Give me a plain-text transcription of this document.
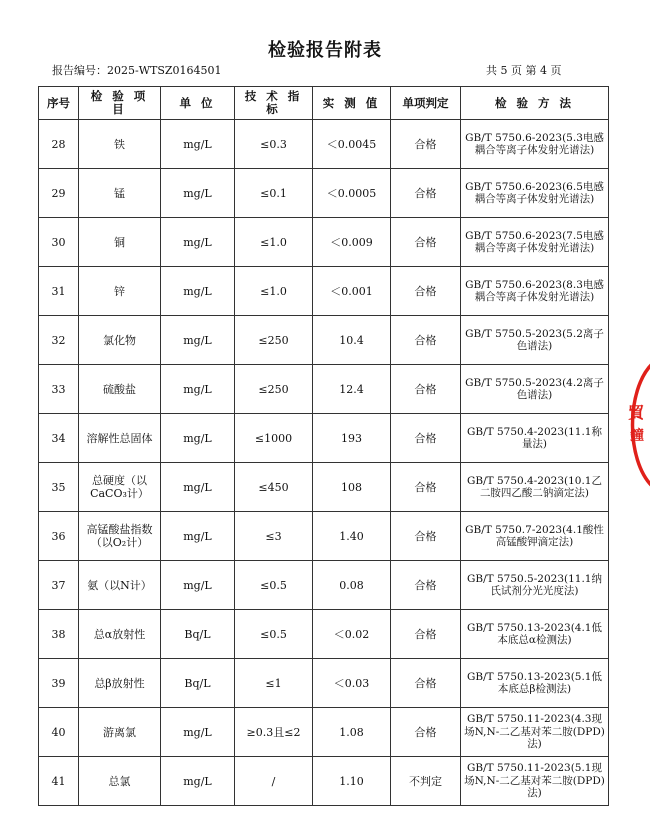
检验报告附表
报告编号：2025-WTSZ0164501	共 5 页 第 4 页
序号	检 验 项 目	单 位	技 术 指 标	实 测 值	单项判定	检 验 方 法
28	铁	mg/L	≤0.3	＜0.0045	合格	GB/T 5750.6-2023(5.3电感耦合等离子体发射光谱法)
29	锰	mg/L	≤0.1	＜0.0005	合格	GB/T 5750.6-2023(6.5电感耦合等离子体发射光谱法)
30	铜	mg/L	≤1.0	＜0.009	合格	GB/T 5750.6-2023(7.5电感耦合等离子体发射光谱法)
31	锌	mg/L	≤1.0	＜0.001	合格	GB/T 5750.6-2023(8.3电感耦合等离子体发射光谱法)
32	氯化物	mg/L	≤250	10.4	合格	GB/T 5750.5-2023(5.2离子色谱法)
33	硫酸盐	mg/L	≤250	12.4	合格	GB/T 5750.5-2023(4.2离子色谱法)
34	溶解性总固体	mg/L	≤1000	193	合格	GB/T 5750.4-2023(11.1称量法)
35	总硬度（以CaCO₃计）	mg/L	≤450	108	合格	GB/T 5750.4-2023(10.1乙二胺四乙酸二钠滴定法)
36	高锰酸盐指数（以O₂计）	mg/L	≤3	1.40	合格	GB/T 5750.7-2023(4.1酸性高锰酸钾滴定法)
37	氨（以N计）	mg/L	≤0.5	0.08	合格	GB/T 5750.5-2023(11.1纳氏试剂分光光度法)
38	总α放射性	Bq/L	≤0.5	＜0.02	合格	GB/T 5750.13-2023(4.1低本底总α检测法)
39	总β放射性	Bq/L	≤1	＜0.03	合格	GB/T 5750.13-2023(5.1低本底总β检测法)
40	游离氯	mg/L	≥0.3且≤2	1.08	合格	GB/T 5750.11-2023(4.3现场N,N-二乙基对苯二胺(DPD)法)
41	总氯	mg/L	/	1.10	不判定	GB/T 5750.11-2023(5.1现场N,N-二乙基对苯二胺(DPD)法)
貿
鐘
